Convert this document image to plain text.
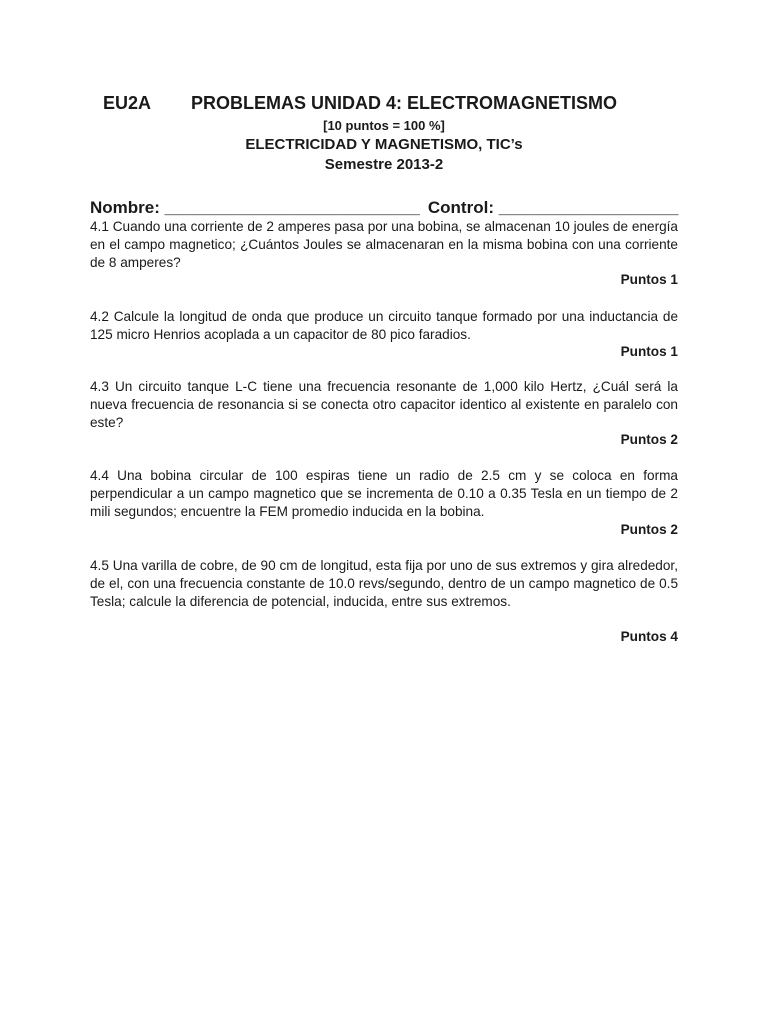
EU2A PROBLEMAS UNIDAD 4: ELECTROMAGNETISMO
[10 puntos = 100 %]
ELECTRICIDAD Y MAGNETISMO, TIC’s
Semestre 2013-2
Nombre: ___________________________ Control: ___________________
4.1 Cuando una corriente de 2 amperes pasa por una bobina, se almacenan 10 joules de energía en el campo magnetico; ¿Cuántos Joules se almacenaran en la misma bobina con una corriente de 8 amperes?
Puntos 1
4.2 Calcule la longitud de onda que produce un circuito tanque formado por una inductancia de 125 micro Henrios acoplada a un capacitor de 80 pico faradios.
Puntos 1
4.3 Un circuito tanque L-C tiene una frecuencia resonante de 1,000 kilo Hertz, ¿Cuál será la nueva frecuencia de resonancia si se conecta otro capacitor identico al existente en paralelo con este?
Puntos 2
4.4 Una bobina circular de 100 espiras tiene un radio de 2.5 cm y se coloca en forma perpendicular a un campo magnetico que se incrementa de 0.10 a 0.35 Tesla en un tiempo de 2 mili segundos; encuentre la FEM promedio inducida en la bobina.
Puntos 2
4.5 Una varilla de cobre, de 90 cm de longitud, esta fija por uno de sus extremos y gira alrededor, de el, con una frecuencia constante de 10.0 revs/segundo, dentro de un campo magnetico de 0.5 Tesla; calcule la diferencia de potencial, inducida, entre sus extremos.
Puntos 4
